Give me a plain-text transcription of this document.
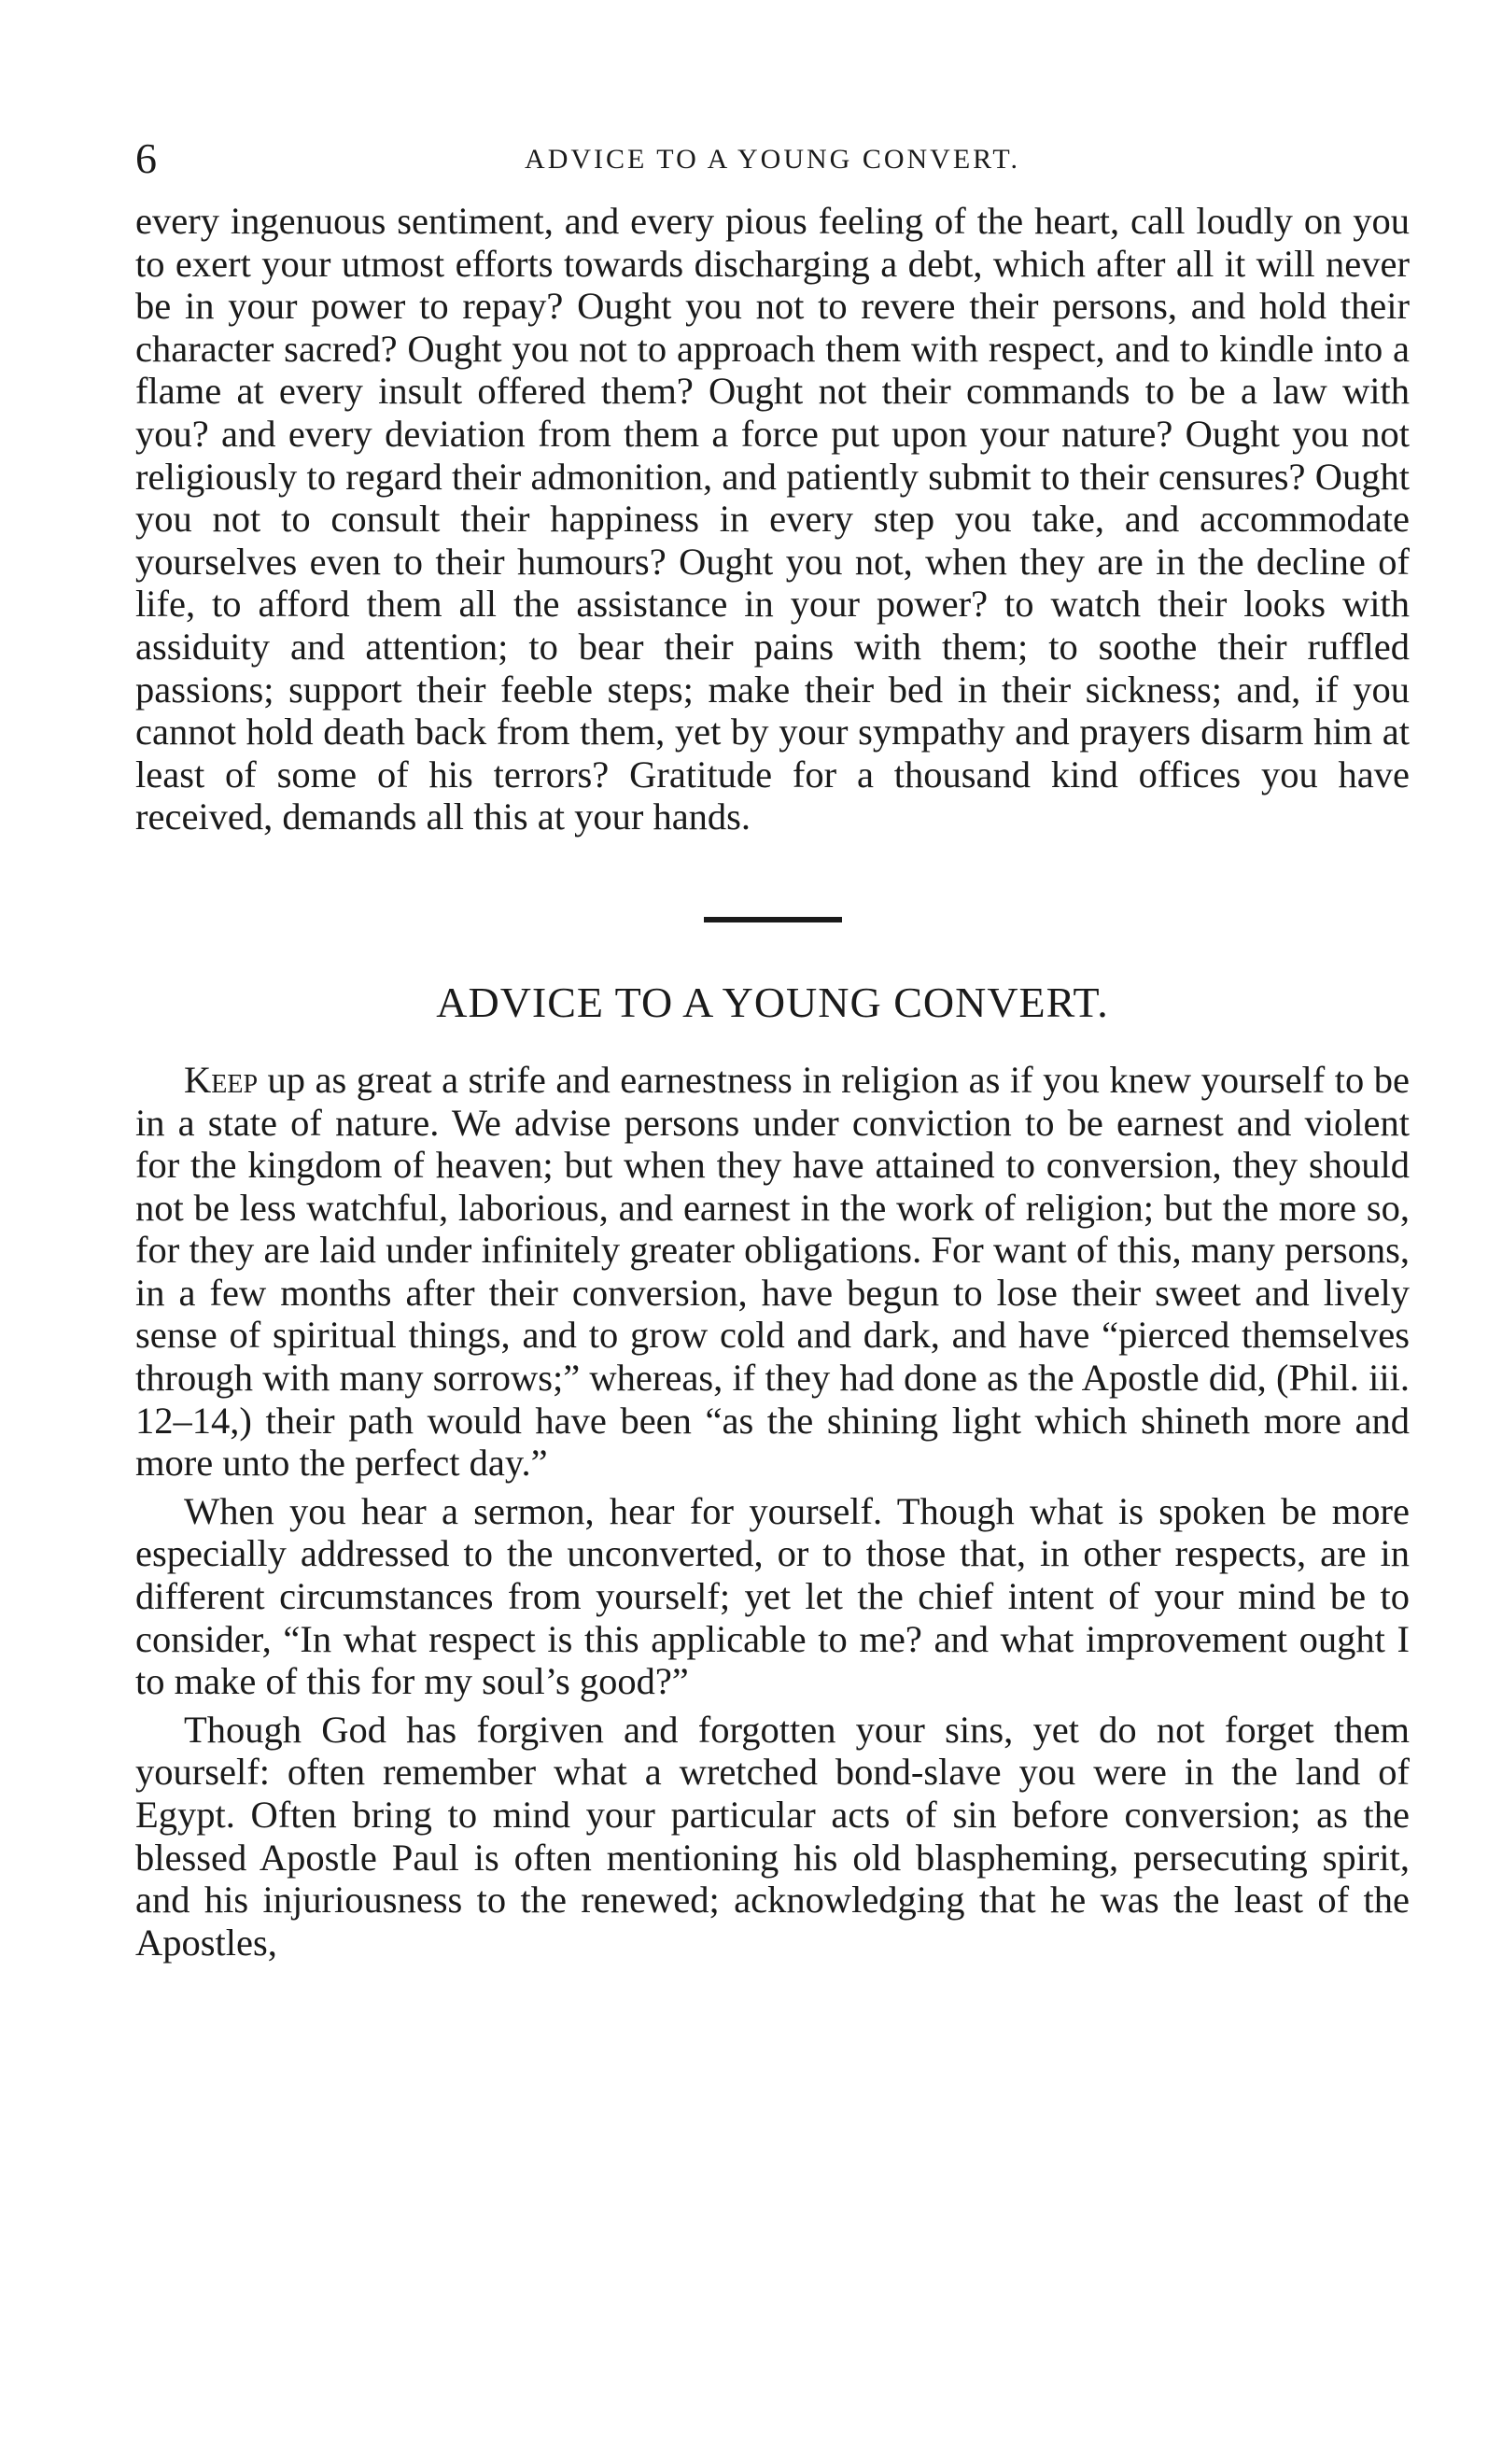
6	ADVICE TO A YOUNG CONVERT.

every ingenuous sentiment, and every pious feeling of the heart, call loudly on you to exert your utmost efforts towards discharging a debt, which after all it will never be in your power to repay? Ought you not to revere their persons, and hold their character sacred? Ought you not to approach them with respect, and to kindle into a flame at every insult offered them? Ought not their commands to be a law with you? and every deviation from them a force put upon your nature? Ought you not religiously to regard their admonition, and patiently submit to their censures? Ought you not to consult their happiness in every step you take, and accommodate yourselves even to their humours? Ought you not, when they are in the decline of life, to afford them all the assistance in your power? to watch their looks with assiduity and attention; to bear their pains with them; to soothe their ruffled passions; support their feeble steps; make their bed in their sickness; and, if you cannot hold death back from them, yet by your sympathy and prayers disarm him at least of some of his terrors? Gratitude for a thousand kind offices you have received, demands all this at your hands.

ADVICE TO A YOUNG CONVERT.

Keep up as great a strife and earnestness in religion as if you knew yourself to be in a state of nature. We advise persons under conviction to be earnest and violent for the kingdom of heaven; but when they have attained to conversion, they should not be less watchful, laborious, and earnest in the work of religion; but the more so, for they are laid under infinitely greater obligations. For want of this, many persons, in a few months after their conversion, have begun to lose their sweet and lively sense of spiritual things, and to grow cold and dark, and have “pierced themselves through with many sorrows;” whereas, if they had done as the Apostle did, (Phil. iii. 12–14,) their path would have been “as the shining light which shineth more and more unto the perfect day.”

When you hear a sermon, hear for yourself. Though what is spoken be more especially addressed to the unconverted, or to those that, in other respects, are in different circumstances from yourself; yet let the chief intent of your mind be to consider, “In what respect is this applicable to me? and what improvement ought I to make of this for my soul’s good?”

Though God has forgiven and forgotten your sins, yet do not forget them yourself: often remember what a wretched bond-slave you were in the land of Egypt. Often bring to mind your particular acts of sin before conversion; as the blessed Apostle Paul is often mentioning his old blaspheming, persecuting spirit, and his injuriousness to the renewed; acknowledging that he was the least of the Apostles,
